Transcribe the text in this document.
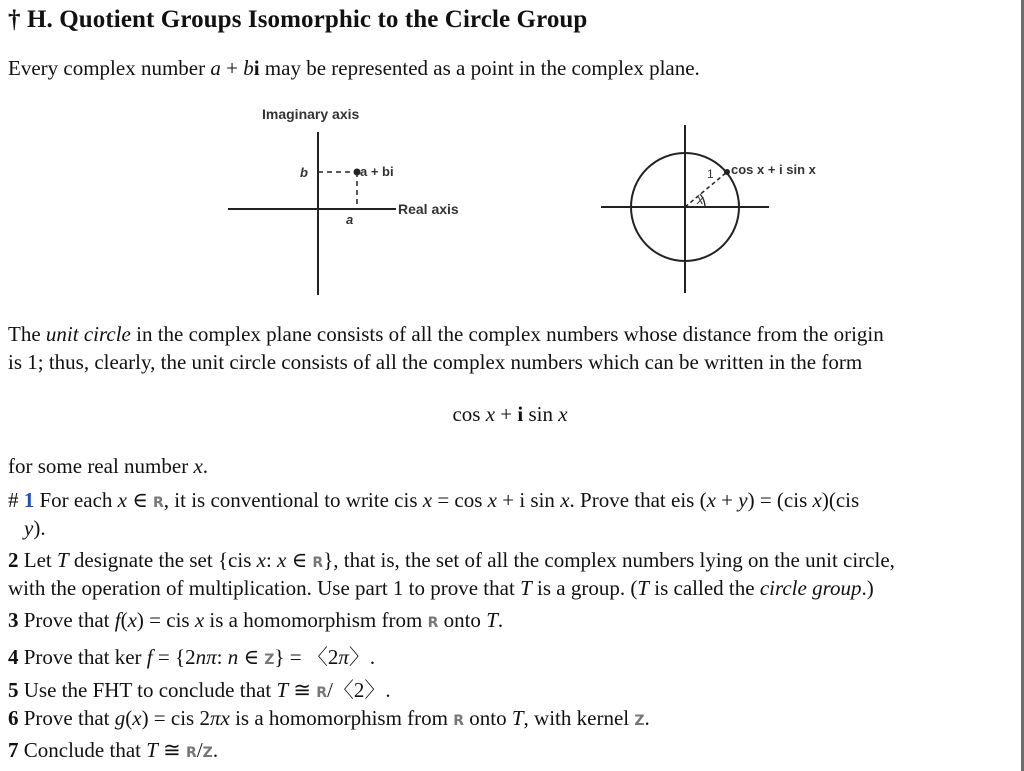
† H. Quotient Groups Isomorphic to the Circle Group
Every complex number a + bi may be represented as a point in the complex plane.
Imaginary axis
Real axis
b
a
a + bi	cos x + i sin x
1
x
The unit circle in the complex plane consists of all the complex numbers whose distance from the origin
is 1; thus, clearly, the unit circle consists of all the complex numbers which can be written in the form
cos x + i sin x
for some real number x.
# 1 For each x ∈ R, it is conventional to write cis x = cos x + i sin x. Prove that eis (x + y) = (cis x)(cis
y).
2 Let T designate the set {cis x: x ∈ R}, that is, the set of all the complex numbers lying on the unit circle,
with the operation of multiplication. Use part 1 to prove that T is a group. (T is called the circle group.)
3 Prove that f(x) = cis x is a homomorphism from R onto T.
4 Prove that ker f = {2nπ: n ∈ Z} = 〈2π〉.
5 Use the FHT to conclude that T ≅ R/〈2〉.
6 Prove that g(x) = cis 2πx is a homomorphism from R onto T, with kernel Z.
7 Conclude that T ≅ R/Z.
